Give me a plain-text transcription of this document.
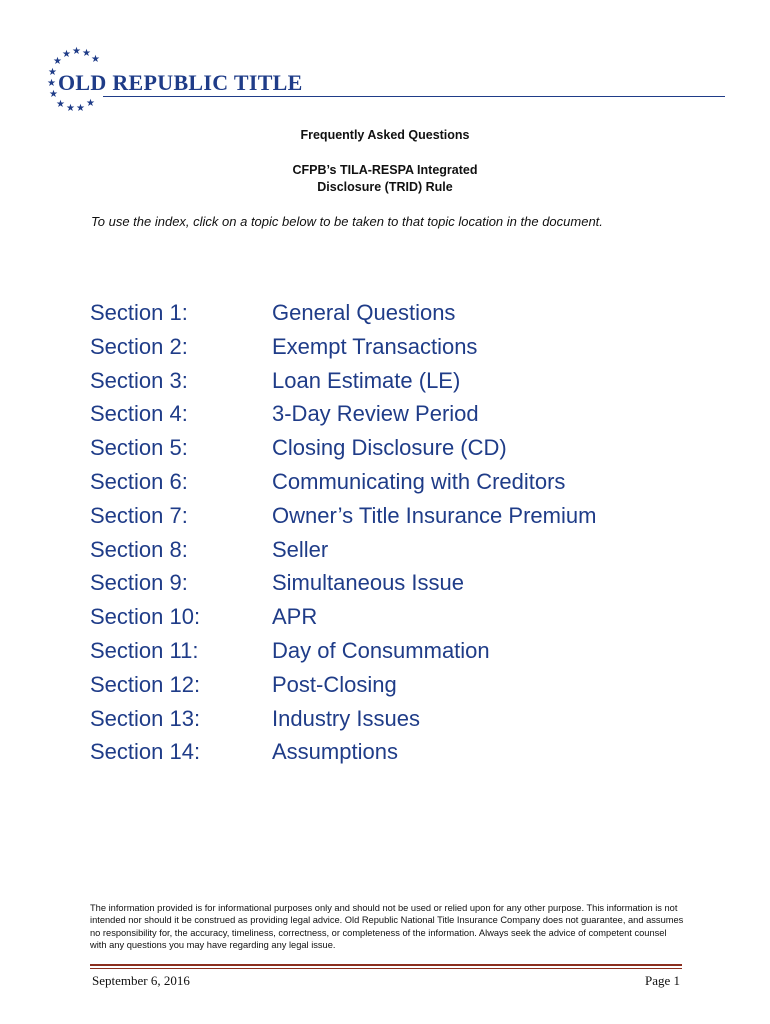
★ ★ ★
★
★
★
★
★
★ ★ ★ ★
OLD REPUBLIC TITLE
Frequently Asked Questions
CFPB’s TILA-RESPA Integrated
Disclosure (TRID) Rule
To use the index, click on a topic below to be taken to that topic location in the document.
Section 1:	General Questions
Section 2:	Exempt Transactions
Section 3:	Loan Estimate (LE)
Section 4:	3-Day Review Period
Section 5:	Closing Disclosure (CD)
Section 6:	Communicating with Creditors
Section 7:	Owner’s Title Insurance Premium
Section 8:	Seller
Section 9:	Simultaneous Issue
Section 10:	APR
Section 11:	Day of Consummation
Section 12:	Post-Closing
Section 13:	Industry Issues
Section 14:	Assumptions
The information provided is for informational purposes only and should not be used or relied upon for any other purpose. This information is not intended nor should it be construed as providing legal advice. Old Republic National Title Insurance Company does not guarantee, and assumes no responsibility for, the accuracy, timeliness, correctness, or completeness of the information. Always seek the advice of competent counsel with any questions you may have regarding any legal issue.
September 6, 2016	Page 1
